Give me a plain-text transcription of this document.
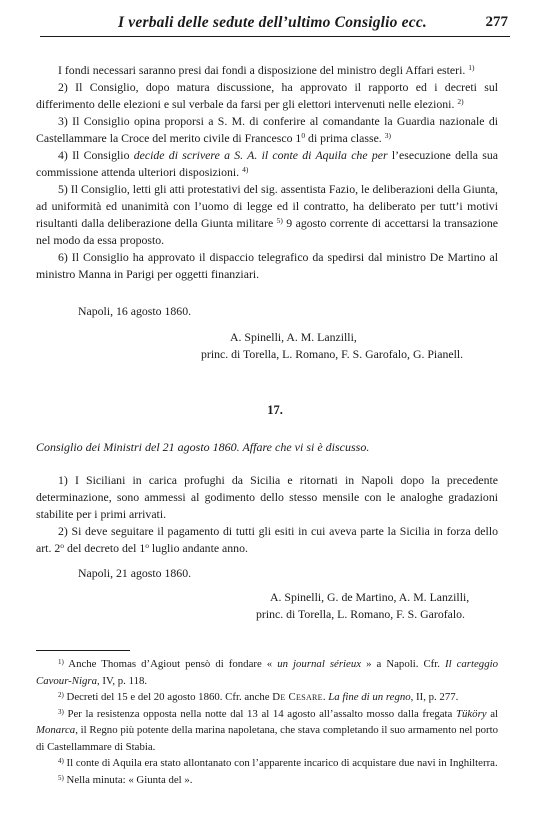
I verbali delle sedute dell’ultimo Consiglio ecc.	277

I fondi necessari saranno presi dai fondi a disposizione del ministro degli Affari esteri. $^{1)}$

2) Il Consiglio, dopo matura discussione, ha approvato il rapporto ed i decreti sul differimento delle elezioni e sul verbale da farsi per gli elettori intervenuti nelle elezioni. $^{2)}$

3) Il Consiglio opina proporsi a S. M. di conferire al comandante la Guardia nazionale di Castellammare la Croce del merito civile di Francesco $1^0$ di prima classe. $^{3)}$

4) Il Consiglio decide di scrivere a S. A. il conte di Aquila che per l’esecuzione della sua commissione attenda ulteriori disposizioni. $^{4)}$

5) Il Consiglio, letti gli atti protestativi del sig. assentista Fazio, le deliberazioni della Giunta, ad uniformità ed unanimità con l’uomo di legge ed il contratto, ha deliberato per tutt’i motivi risultanti dalla deliberazione della Giunta militare $^{5)}$ 9 agosto corrente di accettarsi la transazione nel modo da essa proposto.

6) Il Consiglio ha approvato il dispaccio telegrafico da spedirsi dal ministro De Martino al ministro Manna in Parigi per oggetti finanziari.

Napoli, 16 agosto 1860.
A. Spinelli, A. M. Lanzilli,
princ. di Torella, L. Romano, F. S. Garofalo, G. Pianell.
17.
Consiglio dei Ministri del 21 agosto 1860. Affare che vi si è discusso.

1) I Siciliani in carica profughi da Sicilia e ritornati in Napoli dopo la precedente determinazione, sono ammessi al godimento dello stesso mensile con le analoghe gradazioni stabilite per i primi arrivati.

2) Si deve seguitare il pagamento di tutti gli esiti in cui aveva parte la Sicilia in forza dello art. 2$^o$ del decreto del 1$^o$ luglio andante anno.

Napoli, 21 agosto 1860.
A. Spinelli, G. de Martino, A. M. Lanzilli,
princ. di Torella, L. Romano, F. S. Garofalo.

$^{1)}$ Anche Thomas d’Agiout pensò di fondare « un journal sérieux » a Napoli. Cfr. Il carteggio Cavour-Nigra, IV, p. 118.

$^{2)}$ Decreti del 15 e del 20 agosto 1860. Cfr. anche De Cesare. La fine di un regno, II, p. 277.

$^{3)}$ Per la resistenza opposta nella notte dal 13 al 14 agosto all’assalto mosso dalla fregata Tüköry al Monarca, il Regno più potente della marina napoletana, che stava completando il suo armamento nel porto di Castellammare di Stabia.

$^{4)}$ Il conte di Aquila era stato allontanato con l’apparente incarico di acquistare due navi in Inghilterra.

$^{5)}$ Nella minuta: « Giunta del ».
